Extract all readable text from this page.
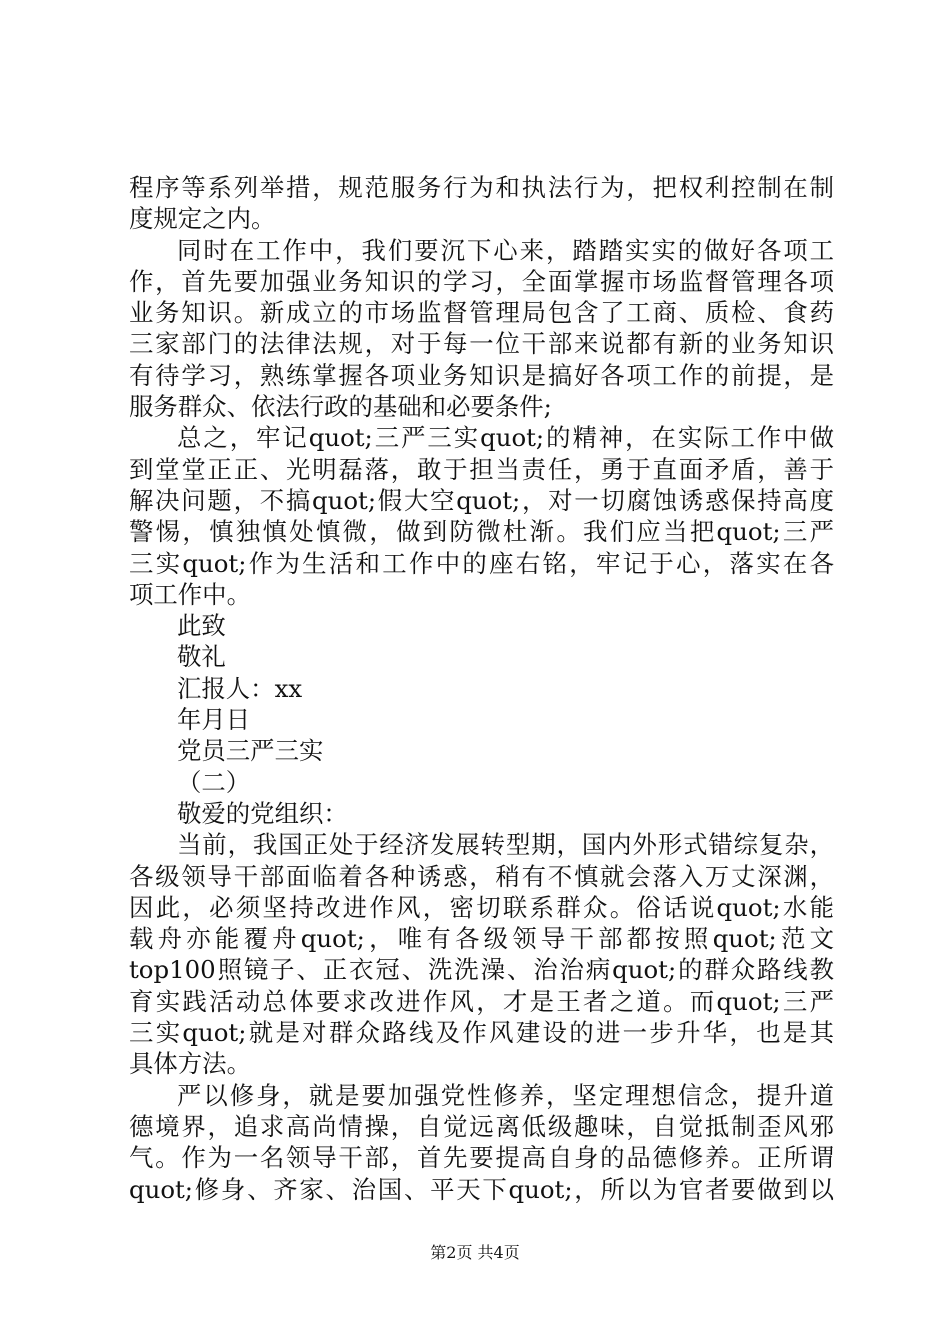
程序等系列举措，规范服务行为和执法行为，把权利控制在制
度规定之内。
同时在工作中，我们要沉下心来，踏踏实实的做好各项工
作，首先要加强业务知识的学习，全面掌握市场监督管理各项
业务知识。新成立的市场监督管理局包含了工商、质检、食药
三家部门的法律法规，对于每一位干部来说都有新的业务知识
有待学习，熟练掌握各项业务知识是搞好各项工作的前提，是
服务群众、依法行政的基础和必要条件;
总之，牢记quot;三严三实quot;的精神，在实际工作中做
到堂堂正正、光明磊落，敢于担当责任，勇于直面矛盾，善于
解决问题，不搞quot;假大空quot;，对一切腐蚀诱惑保持高度
警惕，慎独慎处慎微，做到防微杜渐。我们应当把quot;三严
三实quot;作为生活和工作中的座右铭，牢记于心，落实在各
项工作中。
此致
敬礼
汇报人：xx
年月日
党员三严三实
（二）
敬爱的党组织：
当前，我国正处于经济发展转型期，国内外形式错综复杂，
各级领导干部面临着各种诱惑，稍有不慎就会落入万丈深渊，
因此，必须坚持改进作风，密切联系群众。俗话说quot;水能
载舟亦能覆舟quot;，唯有各级领导干部都按照quot;范文
top100照镜子、正衣冠、洗洗澡、治治病quot;的群众路线教
育实践活动总体要求改进作风，才是王者之道。而quot;三严
三实quot;就是对群众路线及作风建设的进一步升华，也是其
具体方法。
严以修身，就是要加强党性修养，坚定理想信念，提升道
德境界，追求高尚情操，自觉远离低级趣味，自觉抵制歪风邪
气。作为一名领导干部，首先要提高自身的品德修养。正所谓
quot;修身、齐家、治国、平天下quot;，所以为官者要做到以
第2页 共4页
